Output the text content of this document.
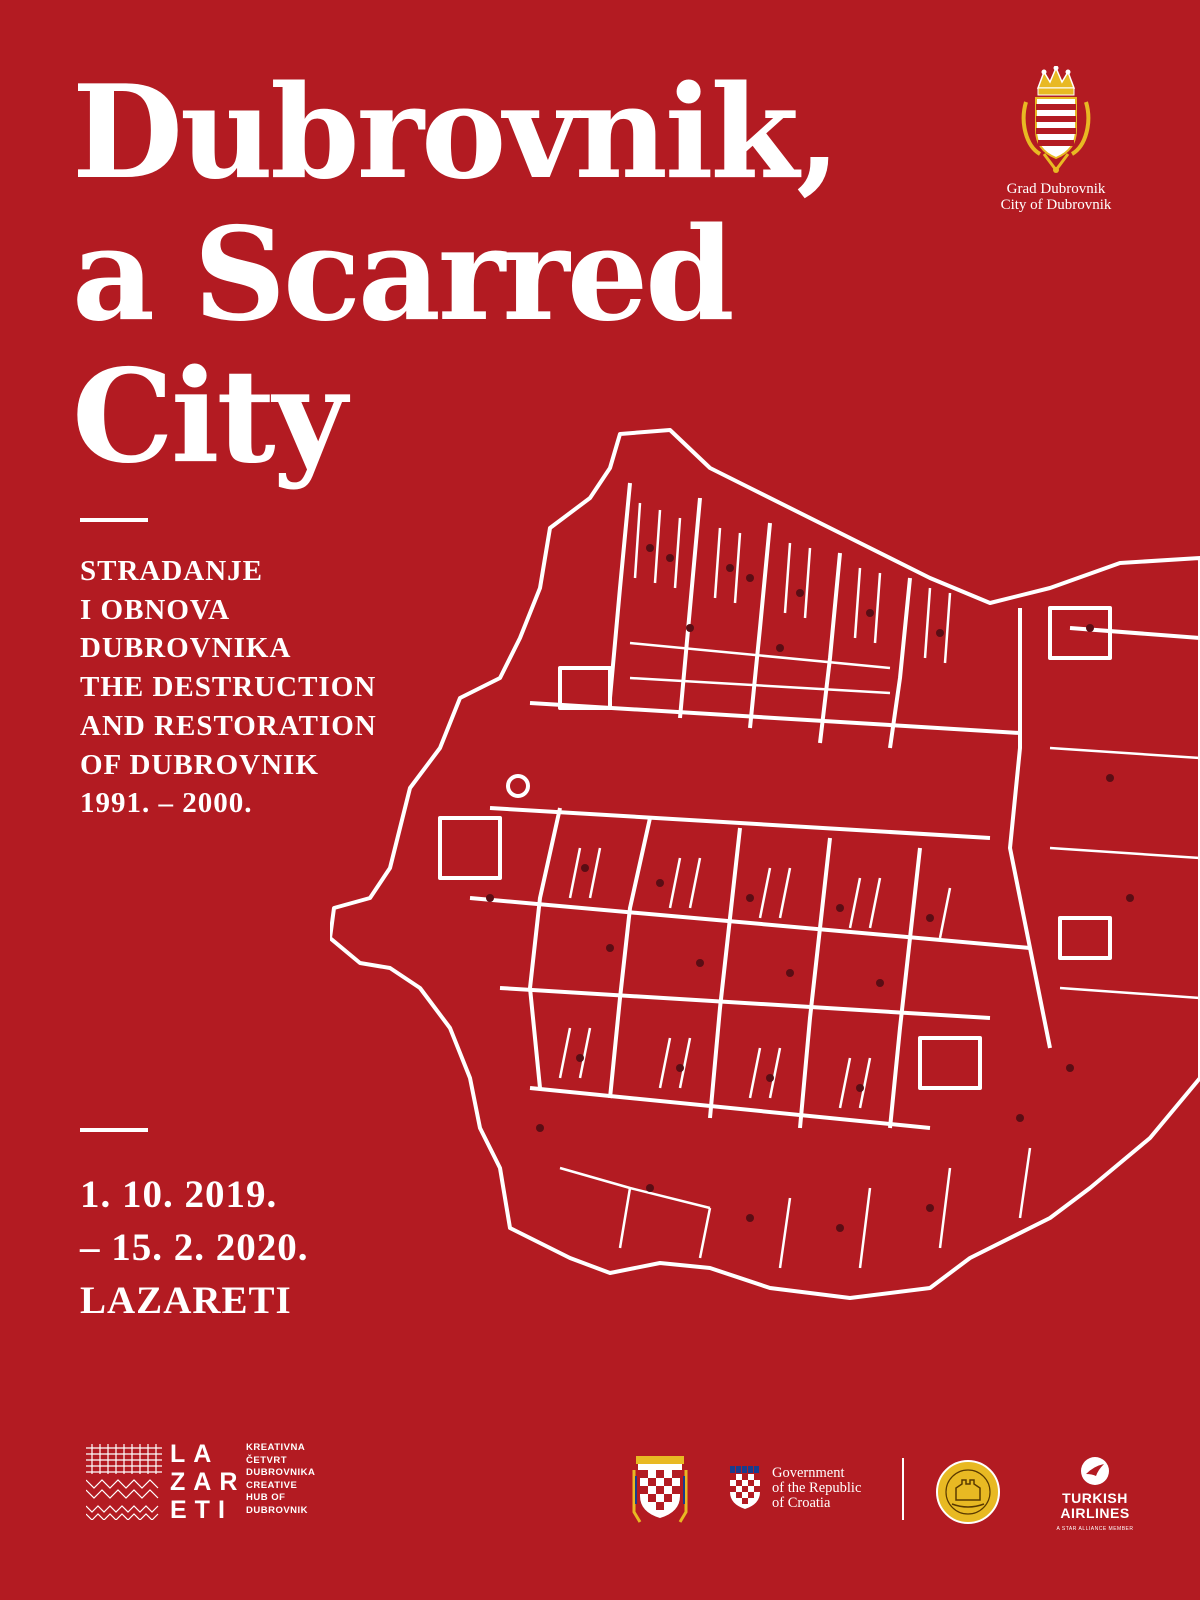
Dubrovnik,
a Scarred
City

STRADANJE
I OBNOVA
DUBROVNIKA
THE DESTRUCTION
AND RESTORATION
OF DUBROVNIK
1991. – 2000.

1. 10. 2019.
– 15. 2. 2020.
LAZARETI

Grad Dubrovnik
City of Dubrovnik
LA
ZAR
ETI
KREATIVNA
ČETVRT
DUBROVNIKA
CREATIVE
HUB OF
DUBROVNIK
Government
of the Republic
of Croatia	TURKISH
AIRLINES
A STAR ALLIANCE MEMBER
